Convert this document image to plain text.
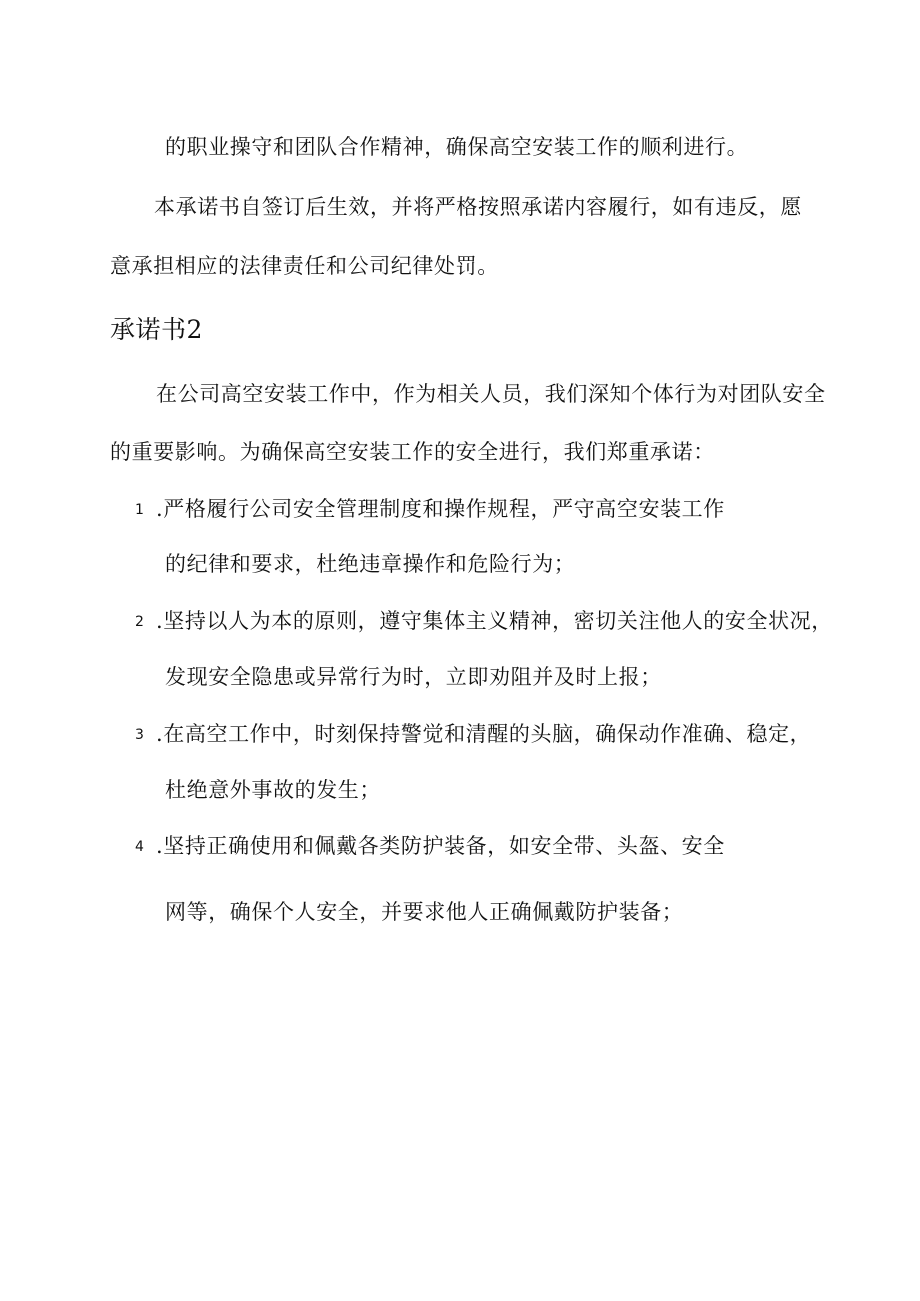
的职业操守和团队合作精神，确保高空安装工作的顺利进行。
本承诺书自签订后生效，并将严格按照承诺内容履行，如有违反，愿
意承担相应的法律责任和公司纪律处罚。
承诺书2
在公司高空安装工作中，作为相关人员，我们深知个体行为对团队安全
的重要影响。为确保高空安装工作的安全进行，我们郑重承诺：
1 .严格履行公司安全管理制度和操作规程，严守高空安装工作
的纪律和要求，杜绝违章操作和危险行为；
2 .坚持以人为本的原则，遵守集体主义精神，密切关注他人的安全状况，
发现安全隐患或异常行为时，立即劝阻并及时上报；
3 .在高空工作中，时刻保持警觉和清醒的头脑，确保动作准确、稳定，
杜绝意外事故的发生；
4 .坚持正确使用和佩戴各类防护装备，如安全带、头盔、安全
网等，确保个人安全，并要求他人正确佩戴防护装备；
